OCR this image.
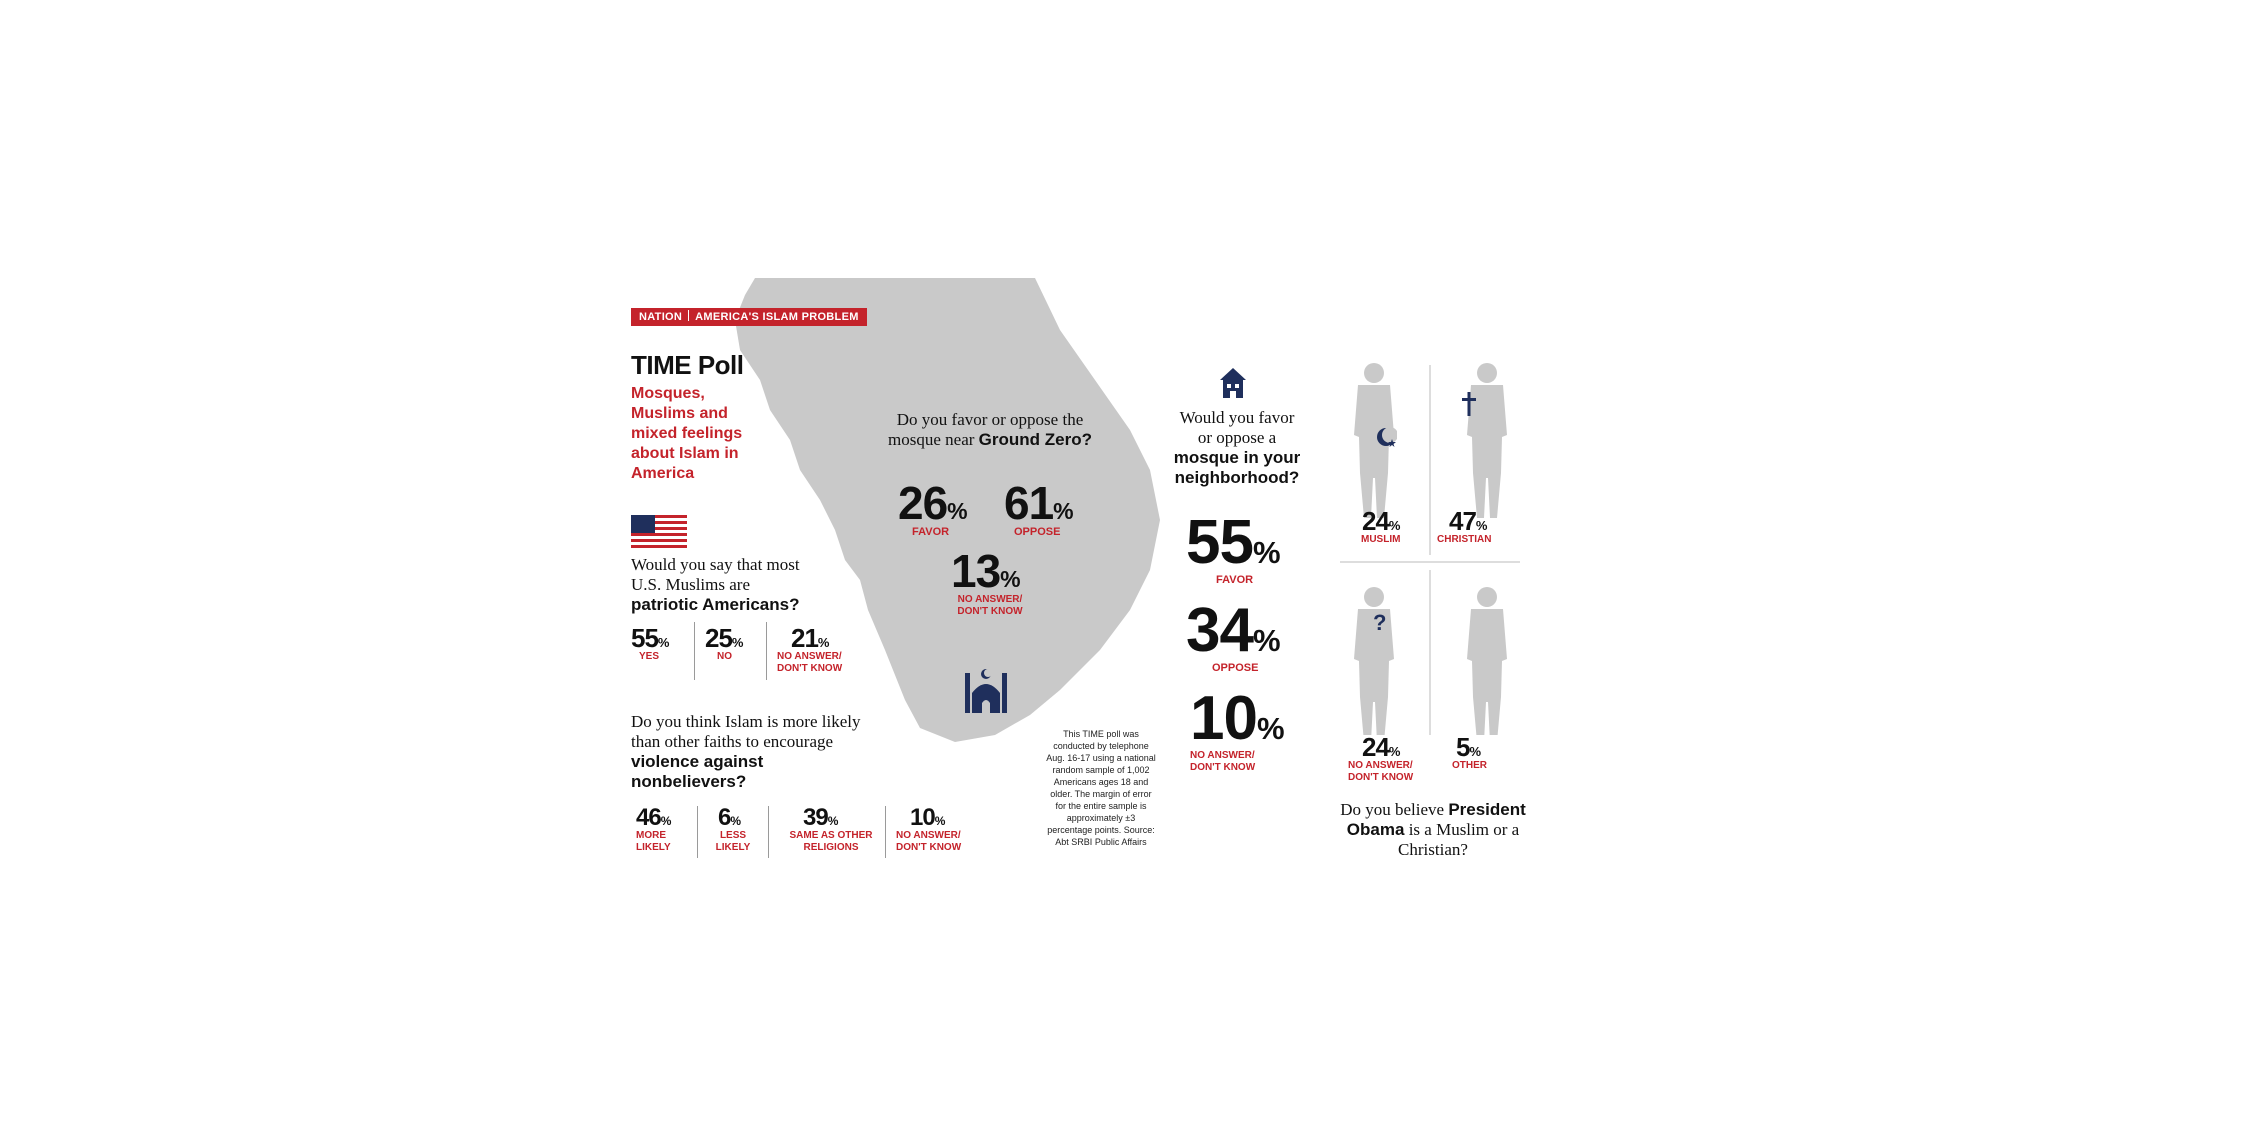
NATION AMERICA'S ISLAM PROBLEM
TIME Poll
Mosques, Muslims and mixed feelings about Islam in America
Would you say that most U.S. Muslims are patriotic Americans?
55%
YES
25%
NO
21%
NO ANSWER/ DON'T KNOW
Do you think Islam is more likely than other faiths to encourage violence against nonbelievers?
46%
MORE LIKELY
6%
LESS LIKELY
39%
SAME AS OTHER RELIGIONS
10%
NO ANSWER/ DON'T KNOW
Do you favor or oppose the mosque near Ground Zero?
26%
FAVOR
61%
OPPOSE
13%
NO ANSWER/ DON'T KNOW
This TIME poll was conducted by telephone Aug. 16-17 using a national random sample of 1,002 Americans ages 18 and older. The margin of error for the entire sample is approximately ±3 percentage points. Source: Abt SRBI Public Affairs
Would you favor or oppose a mosque in your neighborhood?
55%
FAVOR
34%
OPPOSE
10%
NO ANSWER/ DON'T KNOW
?
24%
MUSLIM
47%
CHRISTIAN
24%
NO ANSWER/ DON'T KNOW
5%
OTHER
Do you believe President Obama is a Muslim or a Christian?
